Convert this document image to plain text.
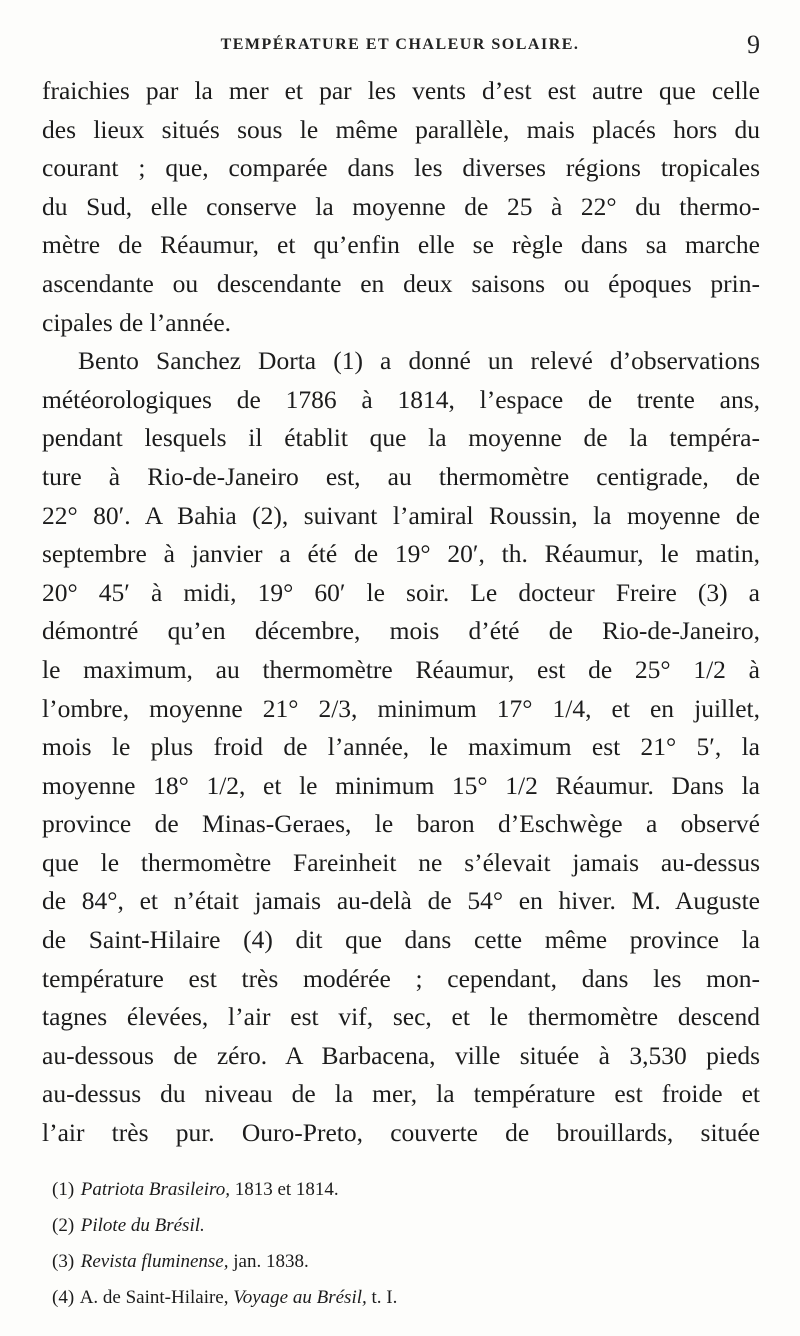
TEMPÉRATURE ET CHALEUR SOLAIRE.	9
fraichies par la mer et par les vents d’est est autre que celle
des lieux situés sous le même parallèle, mais placés hors du
courant ; que, comparée dans les diverses régions tropicales
du Sud, elle conserve la moyenne de 25 à 22° du thermo-
mètre de Réaumur, et qu’enfin elle se règle dans sa marche
ascendante ou descendante en deux saisons ou époques prin-
cipales de l’année.
Bento Sanchez Dorta (1) a donné un relevé d’observations
météorologiques de 1786 à 1814, l’espace de trente ans,
pendant lesquels il établit que la moyenne de la tempéra-
ture à Rio-de-Janeiro est, au thermomètre centigrade, de
22° 80′. A Bahia (2), suivant l’amiral Roussin, la moyenne de
septembre à janvier a été de 19° 20′, th. Réaumur, le matin,
20° 45′ à midi, 19° 60′ le soir. Le docteur Freire (3) a
démontré qu’en décembre, mois d’été de Rio-de-Janeiro,
le maximum, au thermomètre Réaumur, est de 25° 1/2 à
l’ombre, moyenne 21° 2/3, minimum 17° 1/4, et en juillet,
mois le plus froid de l’année, le maximum est 21° 5′, la
moyenne 18° 1/2, et le minimum 15° 1/2 Réaumur. Dans la
province de Minas-Geraes, le baron d’Eschwège a observé
que le thermomètre Fareinheit ne s’élevait jamais au-dessus
de 84°, et n’était jamais au-delà de 54° en hiver. M. Auguste
de Saint-Hilaire (4) dit que dans cette même province la
température est très modérée ; cependant, dans les mon-
tagnes élevées, l’air est vif, sec, et le thermomètre descend
au-dessous de zéro. A Barbacena, ville située à 3,530 pieds
au-dessus du niveau de la mer, la température est froide et
l’air très pur. Ouro-Preto, couverte de brouillards, située
(1) Patriota Brasileiro, 1813 et 1814.
(2) Pilote du Brésil.
(3) Revista fluminense, jan. 1838.
(4) A. de Saint-Hilaire, Voyage au Brésil, t. I.
